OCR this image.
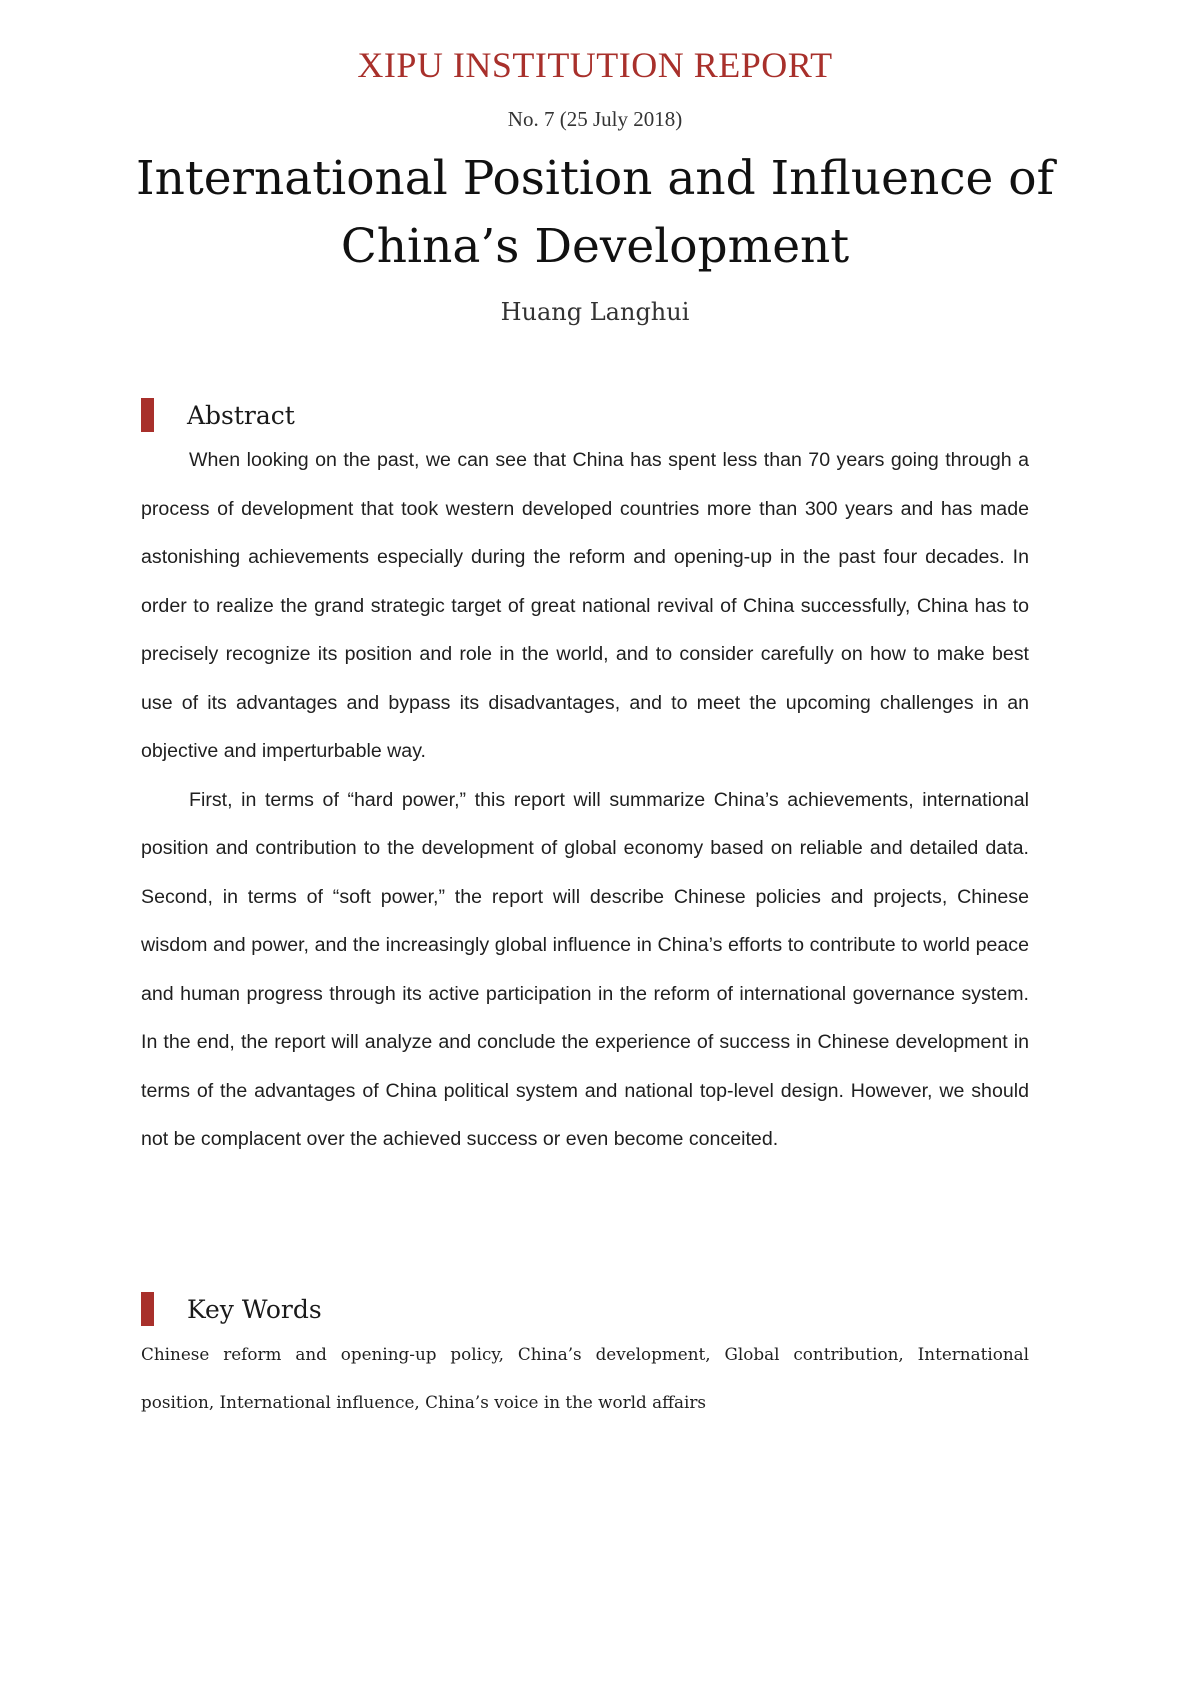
XIPU INSTITUTION REPORT
No. 7 (25 July 2018)
International Position and Influence of
China’s Development
Huang Langhui
Abstract

When looking on the past, we can see that China has spent less than 70 years going through a process of development that took western developed countries more than 300 years and has made astonishing achievements especially during the reform and opening-up in the past four decades. In order to realize the grand strategic target of great national revival of China successfully, China has to precisely recognize its position and role in the world, and to consider carefully on how to make best use of its advantages and bypass its disadvantages, and to meet the upcoming challenges in an objective and imperturbable way.

First, in terms of “hard power,” this report will summarize China’s achievements, international position and contribution to the development of global economy based on reliable and detailed data. Second, in terms of “soft power,” the report will describe Chinese policies and projects, Chinese wisdom and power, and the increasingly global influence in China’s efforts to contribute to world peace and human progress through its active participation in the reform of international governance system. In the end, the report will analyze and conclude the experience of success in Chinese development in terms of the advantages of China political system and national top-level design. However, we should not be complacent over the achieved success or even become conceited.

Key Words
Chinese reform and opening-up policy, China’s development, Global contribution, International position, International influence, China’s voice in the world affairs
